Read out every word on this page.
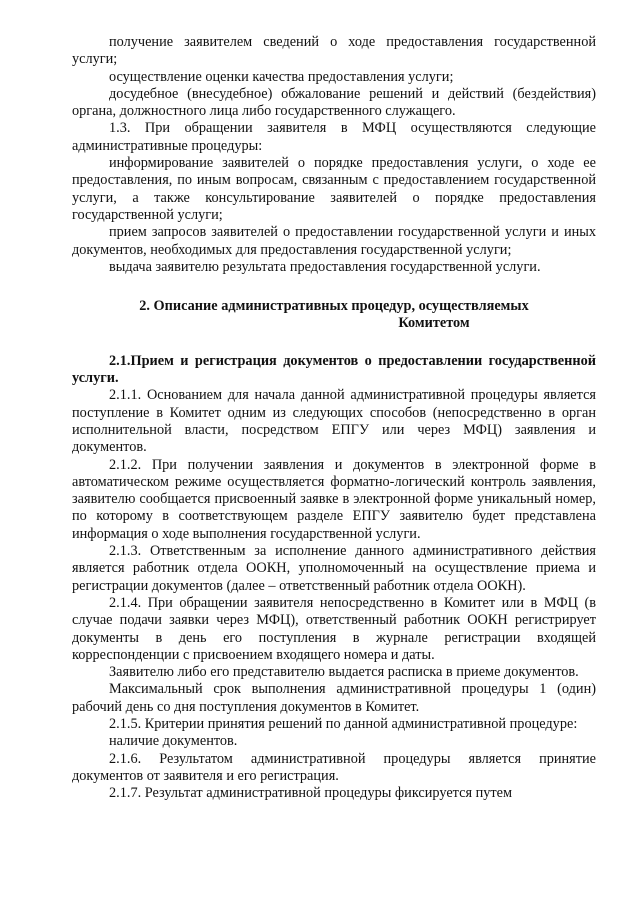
получение заявителем сведений о ходе предоставления государственной услуги;

осуществление оценки качества предоставления услуги;

досудебное (внесудебное) обжалование решений и действий (бездействия) органа, должностного лица либо государственного служащего.

1.3. При обращении заявителя в МФЦ осуществляются следующие административные процедуры:

информирование заявителей о порядке предоставления услуги, о ходе ее предоставления, по иным вопросам, связанным с предоставлением государственной услуги, а также консультирование заявителей о порядке предоставления государственной услуги;

прием запросов заявителей о предоставлении государственной услуги и иных документов, необходимых для предоставления государственной услуги;

выдача заявителю результата предоставления государственной услуги.

2. Описание административных процедур, осуществляемых
Комитетом

2.1.Прием и регистрация документов о предоставлении государственной услуги.

2.1.1. Основанием для начала данной административной процедуры является поступление в Комитет одним из следующих способов (непосредственно в орган исполнительной власти, посредством ЕПГУ или через МФЦ) заявления и документов.

2.1.2. При получении заявления и документов в электронной форме в автоматическом режиме осуществляется форматно-логический контроль заявления, заявителю сообщается присвоенный заявке в электронной форме уникальный номер, по которому в соответствующем разделе ЕПГУ заявителю будет представлена информация о ходе выполнения государственной услуги.

2.1.3. Ответственным за исполнение данного административного действия является работник отдела ООКН, уполномоченный на осуществление приема и регистрации документов (далее – ответственный работник отдела ООКН).

2.1.4. При обращении заявителя непосредственно в Комитет или в МФЦ (в случае подачи заявки через МФЦ), ответственный работник ООКН регистрирует документы в день его поступления в журнале регистрации входящей корреспонденции с присвоением входящего номера и даты.

Заявителю либо его представителю выдается расписка в приеме документов.

Максимальный срок выполнения административной процедуры 1 (один) рабочий день со дня поступления документов в Комитет.

2.1.5. Критерии принятия решений по данной административной процедуре:

наличие документов.

2.1.6. Результатом административной процедуры является принятие документов от заявителя и его регистрация.

2.1.7. Результат административной процедуры фиксируется путем
